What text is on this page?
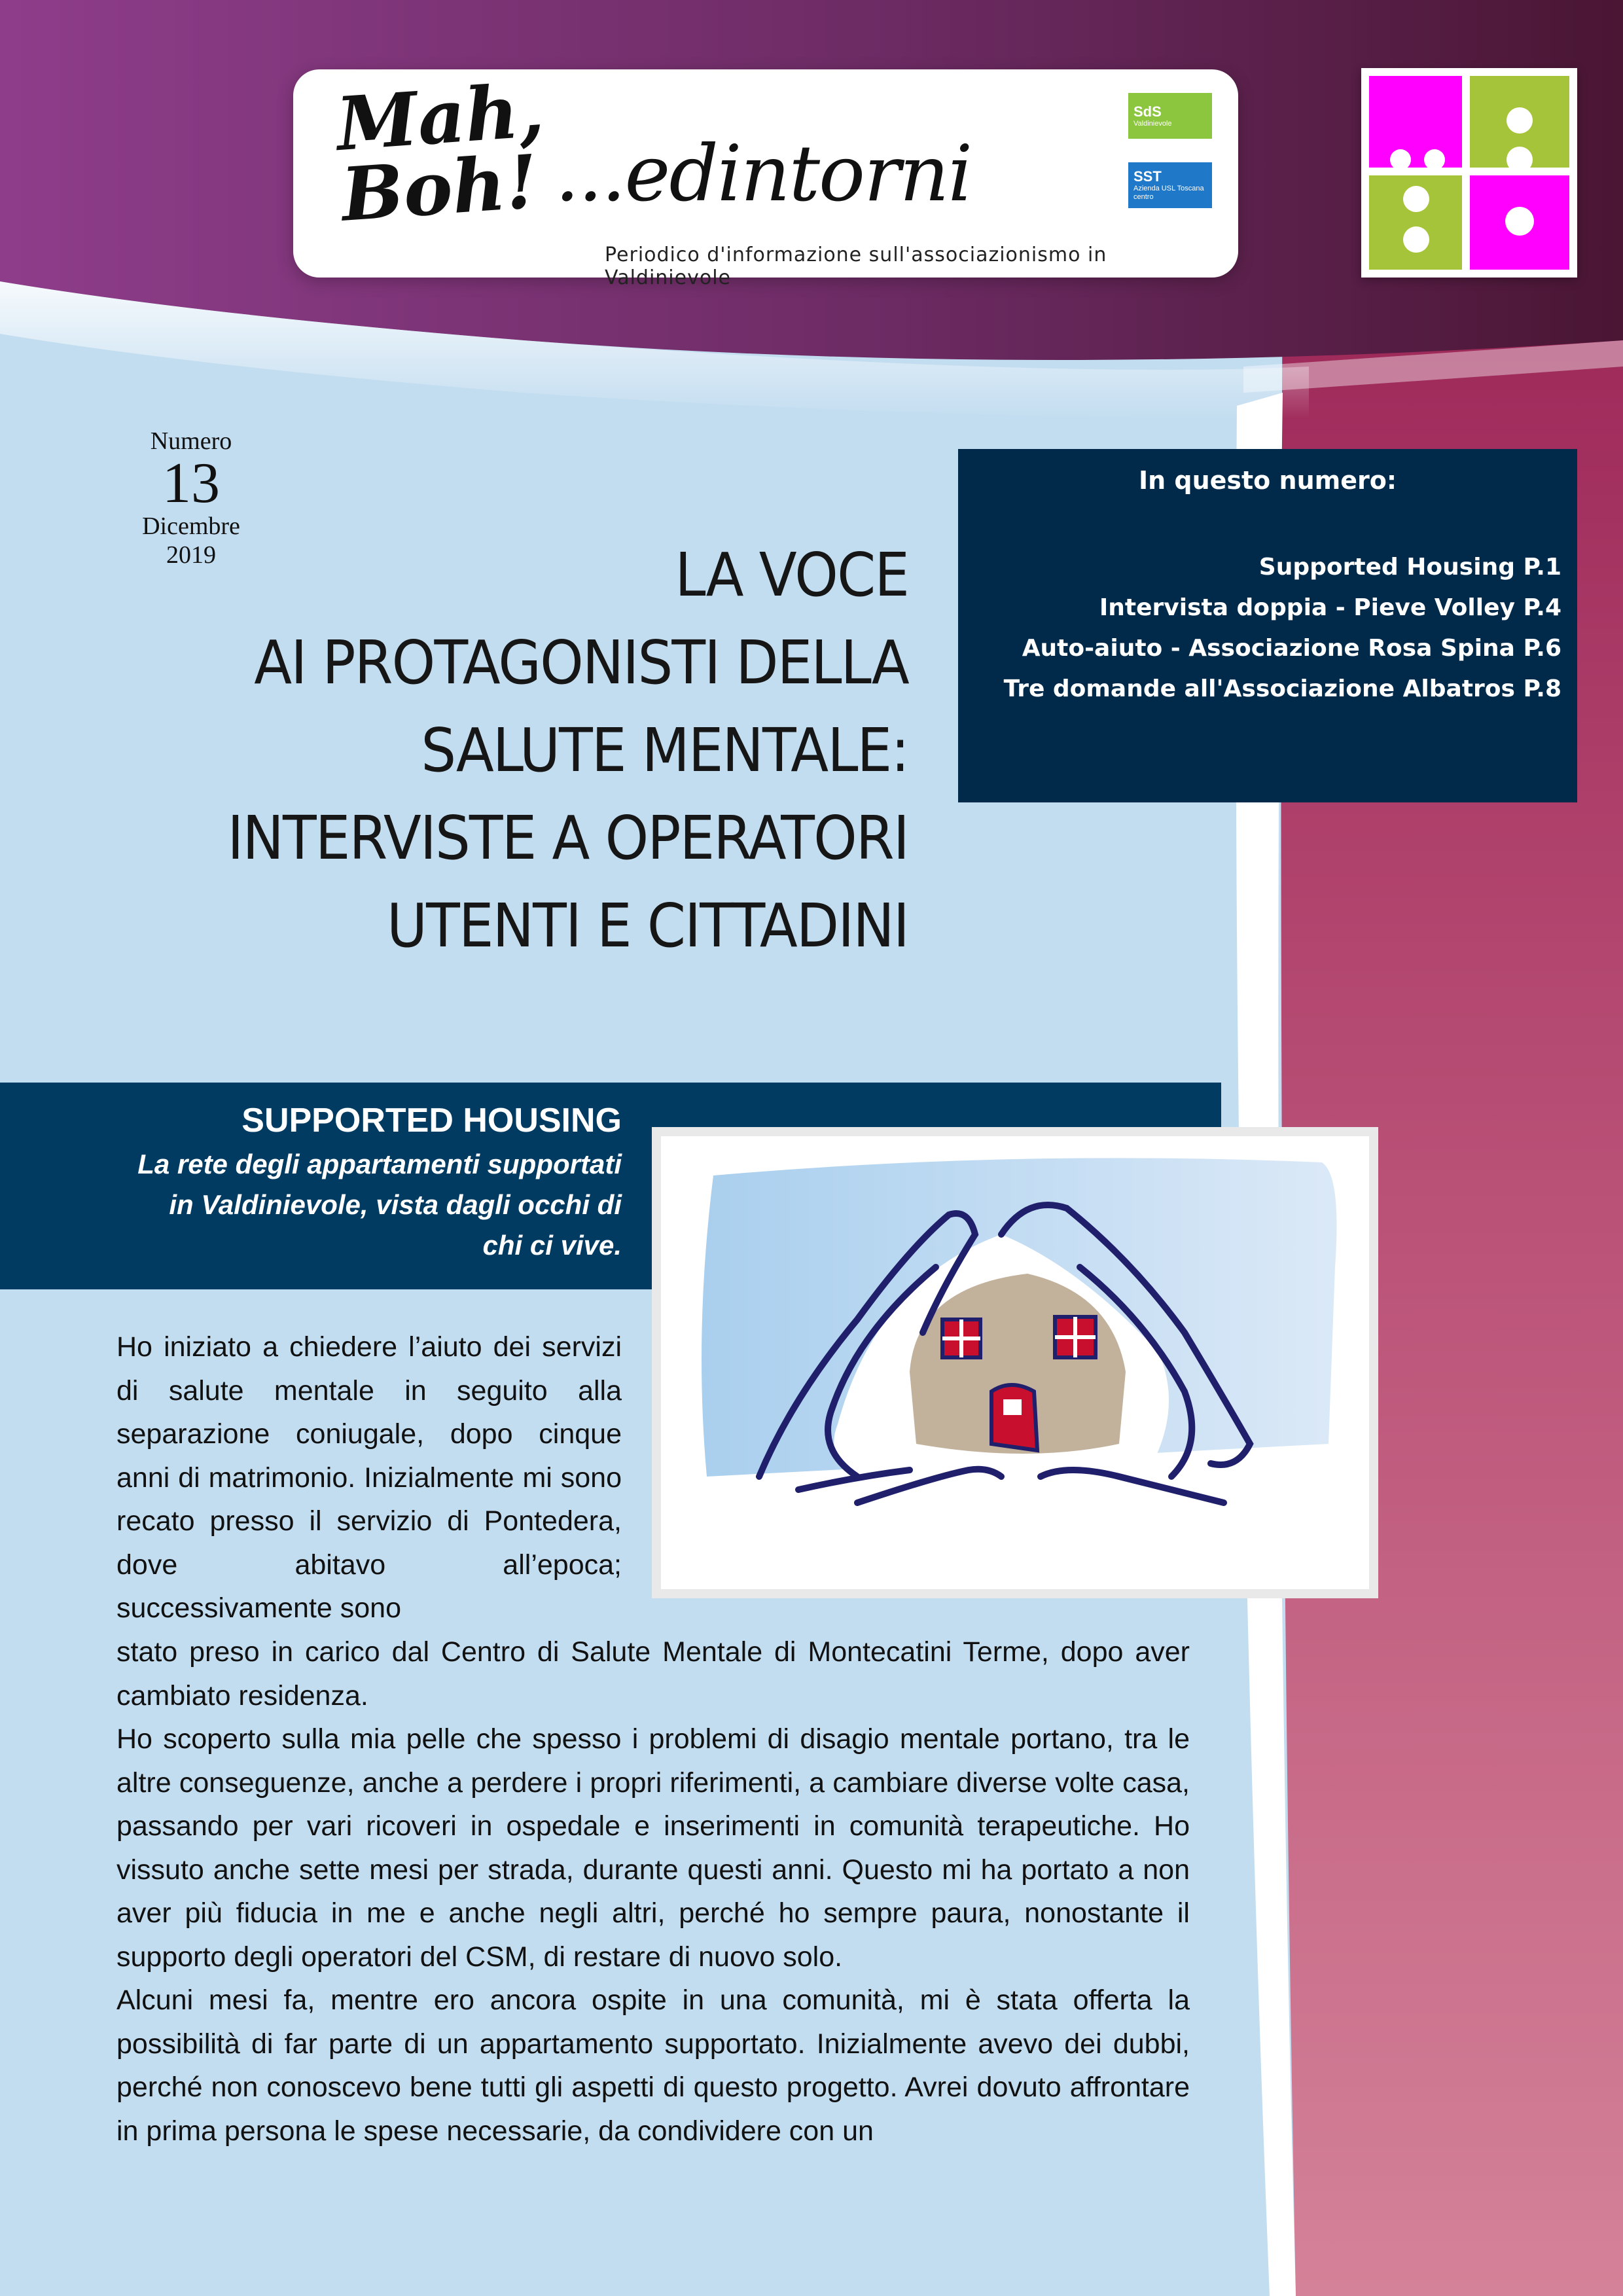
Mah,
Boh! ...edintorni
Periodico d'informazione sull'associazionismo in Valdinievole
SdS
Valdinievole
SST
Azienda USL Toscana centro
Numero
13
Dicembre
2019	LA VOCE
AI PROTAGONISTI DELLA
SALUTE MENTALE:
INTERVISTE A OPERATORI
UTENTI E CITTADINI
In questo numero:
Supported Housing P.1
Intervista doppia - Pieve Volley P.4
Auto-aiuto - Associazione Rosa Spina P.6
Tre domande all'Associazione Albatros P.8
SUPPORTED HOUSING
La rete degli appartamenti supportati in Valdinievole, vista dagli occhi di chi ci vive.

Ho iniziato a chiedere l’aiuto dei servizi di salute mentale in seguito alla separazione coniugale, dopo cinque anni di matrimonio. Inizialmente mi sono recato presso il servizio di Pontedera, dove abitavo all’epoca; successivamente sono

stato preso in carico dal Centro di Salute Mentale di Montecatini Terme, dopo aver cambiato residenza.

Ho scoperto sulla mia pelle che spesso i problemi di disagio mentale portano, tra le altre conseguenze, anche a perdere i propri riferimenti, a cambiare diverse volte casa, passando per vari ricoveri in ospedale e inserimenti in comunità terapeutiche. Ho vissuto anche sette mesi per strada, durante questi anni. Questo mi ha portato a non aver più fiducia in me e anche negli altri, perché ho sempre paura, nonostante il supporto degli operatori del CSM, di restare di nuovo solo.

Alcuni mesi fa, mentre ero ancora ospite in una comunità, mi è stata offerta la possibilità di far parte di un appartamento supportato. Inizialmente avevo dei dubbi, perché non conoscevo bene tutti gli aspetti di questo progetto. Avrei dovuto affrontare in prima persona le spese necessarie, da condividere con un
